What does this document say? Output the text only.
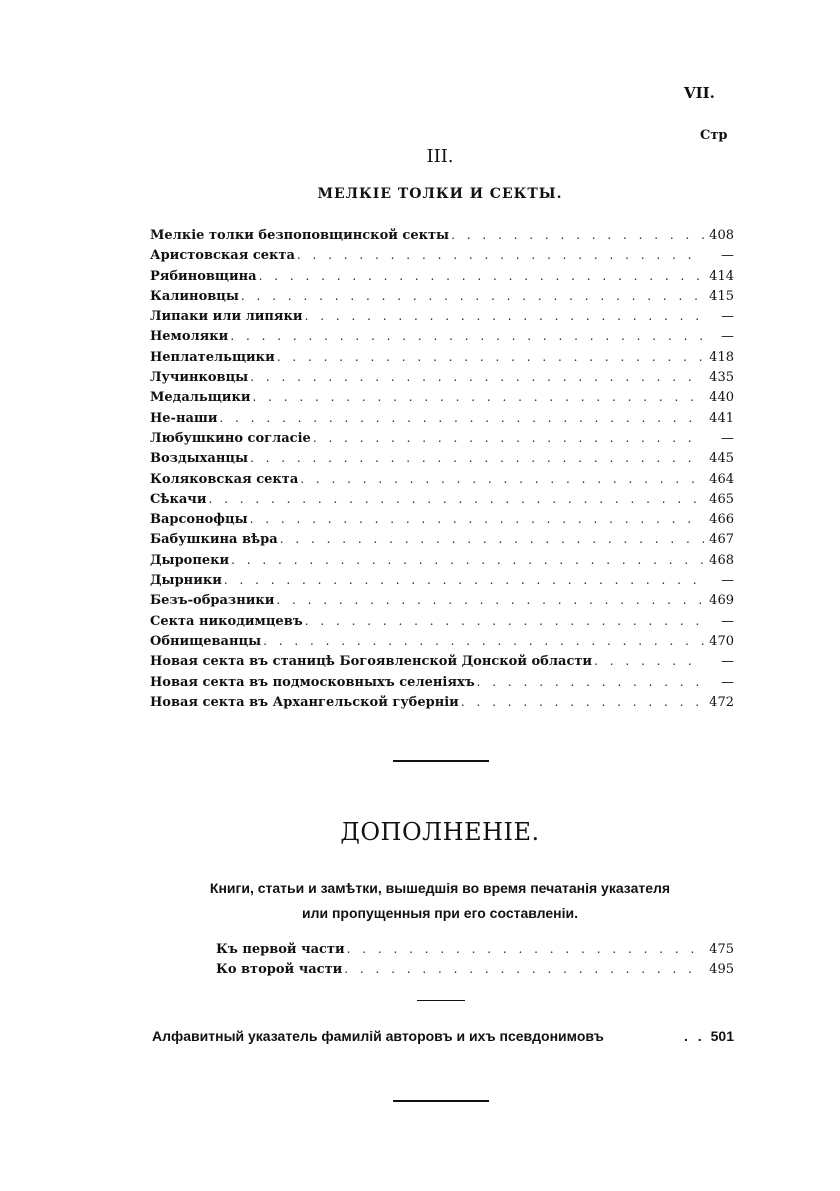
VII.
Стр
III.
МЕЛКIЕ ТОЛКИ И СЕКТЫ.
Мелкiе толки безпоповщинской секты . . .	408
Аристовская секта . . .	—
Рябиновщина . . .	414
Калиновцы . . .	415
Липаки или липяки . . .	—
Немоляки . . .	—
Неплательщики . . .	418
Лучинковцы . . .	435
Медальщики . . .	440
Не-наши . . .	441
Любушкино согласiе . . .	—
Воздыханцы . . .	445
Коляковская секта . . .	464
Сѣкачи . . .	465
Варсонофцы . . .	466
Бабушкина вѣра . . .	467
Дыропеки . . .	468
Дырники . . .	—
Безъ-образники . . .	469
Секта никодимцевъ . . .	—
Обнищеванцы . . .	470
Новая секта въ станицѣ Богоявленской Донской области . . .	—
Новая секта въ подмосковныхъ селенiяхъ . . .	—
Новая секта въ Архангельской губернiи . . .	472
ДОПОЛНЕНIЕ.
Книги, статьи и замѣтки, вышедшiя во время печатанiя указателя
или пропущенныя при его составленiи.
Къ первой части . . .	475
Ко второй части . . .	495
Алфавитный указатель фамилiй авторовъ и ихъ псевдонимовъ	. . 501
